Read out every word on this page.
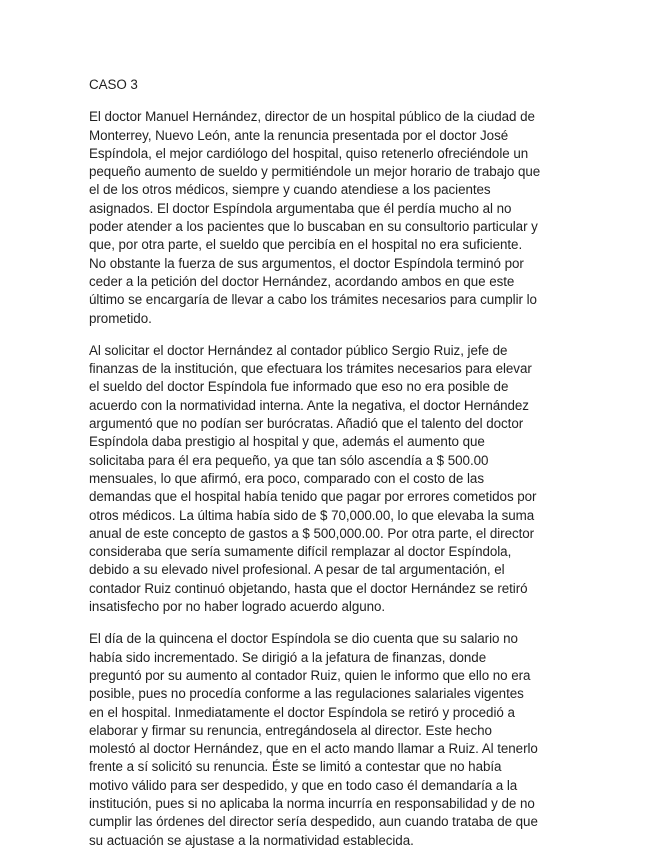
CASO 3
El doctor Manuel Hernández, director de un hospital público de la ciudad de
Monterrey, Nuevo León, ante la renuncia presentada por el doctor José
Espíndola, el mejor cardiólogo del hospital, quiso retenerlo ofreciéndole un
pequeño aumento de sueldo y permitiéndole un mejor horario de trabajo que
el de los otros médicos, siempre y cuando atendiese a los pacientes
asignados. El doctor Espíndola argumentaba que él perdía mucho al no
poder atender a los pacientes que lo buscaban en su consultorio particular y
que, por otra parte, el sueldo que percibía en el hospital no era suficiente.
No obstante la fuerza de sus argumentos, el doctor Espíndola terminó por
ceder a la petición del doctor Hernández, acordando ambos en que este
último se encargaría de llevar a cabo los trámites necesarios para cumplir lo
prometido.
Al solicitar el doctor Hernández al contador público Sergio Ruiz, jefe de
finanzas de la institución, que efectuara los trámites necesarios para elevar
el sueldo del doctor Espíndola fue informado que eso no era posible de
acuerdo con la normatividad interna. Ante la negativa, el doctor Hernández
argumentó que no podían ser burócratas. Añadió que el talento del doctor
Espíndola daba prestigio al hospital y que, además el aumento que
solicitaba para él era pequeño, ya que tan sólo ascendía a $ 500.00
mensuales, lo que afirmó, era poco, comparado con el costo de las
demandas que el hospital había tenido que pagar por errores cometidos por
otros médicos. La última había sido de $ 70,000.00, lo que elevaba la suma
anual de este concepto de gastos a $ 500,000.00. Por otra parte, el director
consideraba que sería sumamente difícil remplazar al doctor Espíndola,
debido a su elevado nivel profesional. A pesar de tal argumentación, el
contador Ruiz continuó objetando, hasta que el doctor Hernández se retiró
insatisfecho por no haber logrado acuerdo alguno.
El día de la quincena el doctor Espíndola se dio cuenta que su salario no
había sido incrementado. Se dirigió a la jefatura de finanzas, donde
preguntó por su aumento al contador Ruiz, quien le informo que ello no era
posible, pues no procedía conforme a las regulaciones salariales vigentes
en el hospital. Inmediatamente el doctor Espíndola se retiró y procedió a
elaborar y firmar su renuncia, entregándosela al director. Este hecho
molestó al doctor Hernández, que en el acto mando llamar a Ruiz. Al tenerlo
frente a sí solicitó su renuncia. Éste se limitó a contestar que no había
motivo válido para ser despedido, y que en todo caso él demandaría a la
institución, pues si no aplicaba la norma incurría en responsabilidad y de no
cumplir las órdenes del director sería despedido, aun cuando trataba de que
su actuación se ajustase a la normatividad establecida.
